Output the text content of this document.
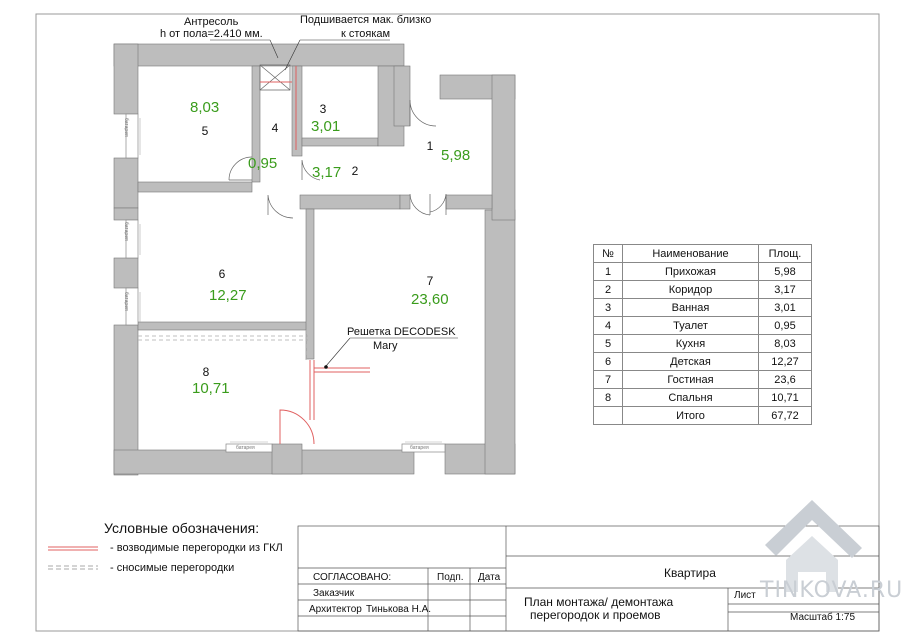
Антресоль
h от пола=2.410 мм.
Подшивается мак. близко
к стоякам
Решетка DECODESK
Mary
батарея
батарея
батарея
батарея	батарея
1
5,98
2
3,17
3
3,01
4
0,95
5
8,03
6
12,27
7
23,60
8
10,71
№	Наименование	Площ.
1	Прихожая	5,98
2	Коридор	3,17
3	Ванная	3,01
4	Туалет	0,95
5	Кухня	8,03
6	Детская	12,27
7	Гостиная	23,6
8	Спальня	10,71
	Итого	67,72
Условные обозначения:
- возводимые перегородки из ГКЛ
- сносимые перегородки
СОГЛАСОВАНО:	Подп. Дата
Заказчик
Архитектор Тинькова Н.А.
Квартира
План монтажа/ демонтажа
перегородок и проемов
Лист
Масштаб 1:75
TINKOVA.RU
